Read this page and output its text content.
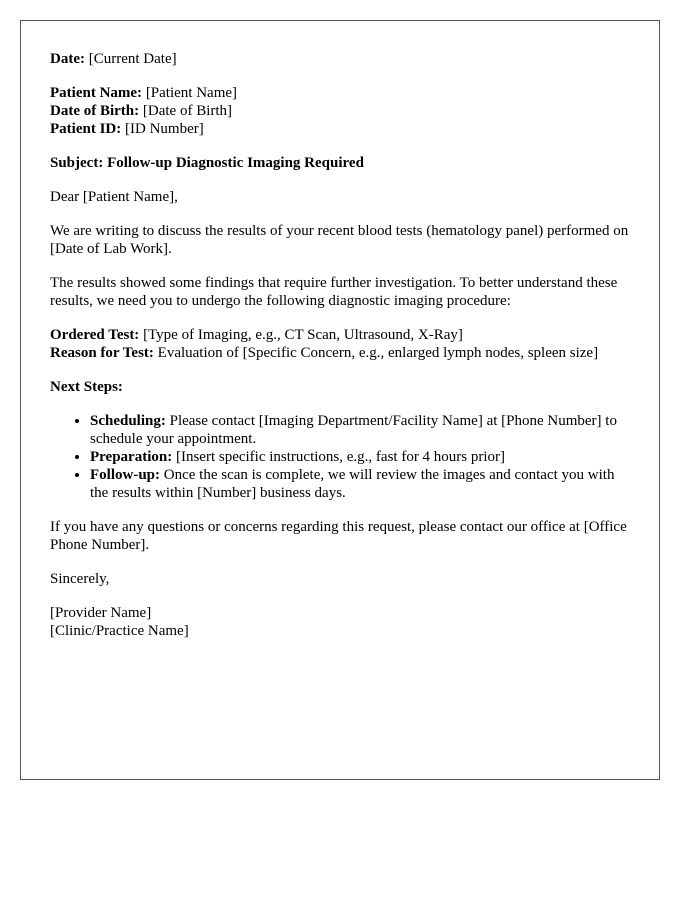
Date: [Current Date]
Patient Name: [Patient Name]
Date of Birth: [Date of Birth]
Patient ID: [ID Number]
Subject: Follow-up Diagnostic Imaging Required
Dear [Patient Name],
We are writing to discuss the results of your recent blood tests (hematology panel) performed on [Date of Lab Work].
The results showed some findings that require further investigation. To better understand these results, we need you to undergo the following diagnostic imaging procedure:
Ordered Test: [Type of Imaging, e.g., CT Scan, Ultrasound, X-Ray]
Reason for Test: Evaluation of [Specific Concern, e.g., enlarged lymph nodes, spleen size]
Next Steps:
• Scheduling: Please contact [Imaging Department/Facility Name] at [Phone Number] to schedule your appointment.
• Preparation: [Insert specific instructions, e.g., fast for 4 hours prior]
• Follow-up: Once the scan is complete, we will review the images and contact you with the results within [Number] business days.
If you have any questions or concerns regarding this request, please contact our office at [Office Phone Number].
Sincerely,
[Provider Name]
[Clinic/Practice Name]
